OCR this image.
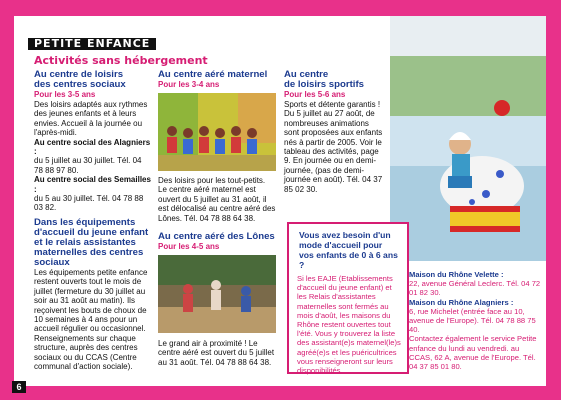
PETITE ENFANCE
Activités sans hébergement
Au centre de loisirs
des centres sociaux
Pour les 3-5 ans
Des loisirs adaptés aux rythmes des jeunes enfants et à leurs envies. Accueil à la journée ou l'après-midi.
Au centre social des Alagniers :
du 5 juillet au 30 juillet. Tél. 04 78 88 97 80.
Au centre social des Semailles :
du 5 au 30 juillet. Tél. 04 78 88 03 82.
Dans les équipements d'accueil du jeune enfant et le relais assistantes maternelles des centres sociaux
Les équipements petite enfance restent ouverts tout le mois de juillet (fermeture du 30 juillet au soir au 31 août au matin). Ils reçoivent les bouts de choux de 10 semaines à 4 ans pour un accueil régulier ou occasionnel. Renseignements sur chaque structure, auprès des centres sociaux ou du CCAS (Centre communal d'action sociale).
Au centre aéré maternel
Pour les 3-4 ans
Des loisirs pour les tout-petits. Le centre aéré maternel est ouvert du 5 juillet au 31 août, il est délocalisé au centre aéré des Lônes. Tél. 04 78 88 64 38.
Au centre aéré des Lônes
Pour les 4-5 ans
Le grand air à proximité ! Le centre aéré est ouvert du 5 juillet au 31 août. Tél. 04 78 88 64 38.
Au centre
de loisirs sportifs
Pour les 5-6 ans
Sports et détente garantis ! Du 5 juillet au 27 août, de nombreuses animations sont proposées aux enfants nés à partir de 2005. Voir le tableau des activités, page 9. En journée ou en demi-journée, (pas de demi-journée en août). Tél. 04 37 85 02 30.
Vous avez besoin d'un mode d'accueil pour vos enfants de 0 à 6 ans ?
Si les EAJE (Etablissements d'accueil du jeune enfant) et les Relais d'assistantes maternelles sont fermés au mois d'août, les maisons du Rhône restent ouvertes tout l'été. Vous y trouverez la liste des assistant(e)s maternel(le)s agréé(e)s et les puéricultrices vous renseigneront sur leurs disponibilités.
Maison du Rhône Velette :
22, avenue Général Leclerc. Tél. 04 72 01 82 30.
Maison du Rhône Alagniers :
6, rue Michelet (entrée face au 10, avenue de l'Europe). Tél. 04 78 88 75 40.
Contactez également le service Petite enfance du lundi au vendredi. au CCAS, 62 A, avenue de l'Europe. Tél. 04 37 85 01 80.
6
